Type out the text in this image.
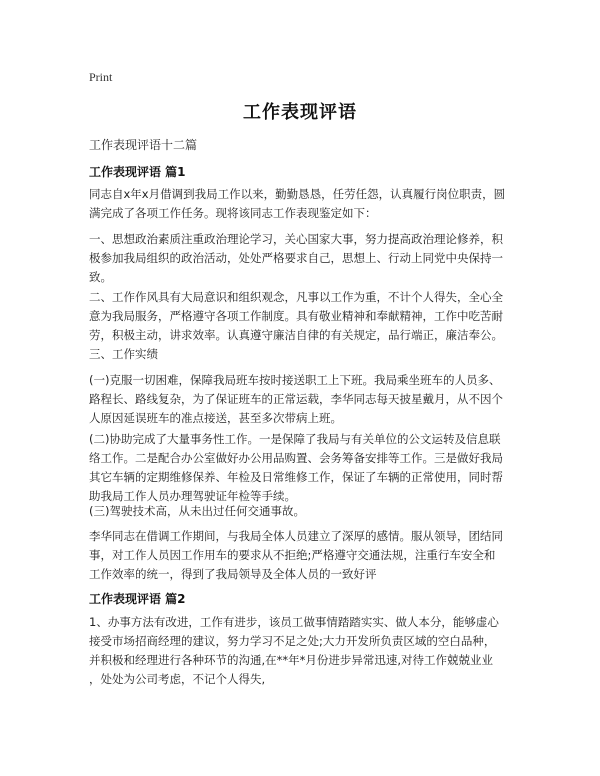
Print
工作表现评语
工作表现评语十二篇
工作表现评语 篇1
同志自x年x月借调到我局工作以来，勤勤恳恳，任劳任怨，认真履行岗位职责，圆
满完成了各项工作任务。现将该同志工作表现鉴定如下：
一、思想政治素质注重政治理论学习，关心国家大事，努力提高政治理论修养，积
极参加我局组织的政治活动，处处严格要求自己，思想上、行动上同党中央保持一
致。
二、工作作风具有大局意识和组织观念，凡事以工作为重，不计个人得失，全心全
意为我局服务，严格遵守各项工作制度。具有敬业精神和奉献精神，工作中吃苦耐
劳，积极主动，讲求效率。认真遵守廉洁自律的有关规定，品行端正，廉洁奉公。
三、工作实绩
(一)克服一切困难，保障我局班车按时接送职工上下班。我局乘坐班车的人员多、
路程长、路线复杂，为了保证班车的正常运载，李华同志每天披星戴月，从不因个
人原因延误班车的准点接送，甚至多次带病上班。
(二)协助完成了大量事务性工作。一是保障了我局与有关单位的公文运转及信息联
络工作。二是配合办公室做好办公用品购置、会务筹备安排等工作。三是做好我局
其它车辆的定期维修保养、年检及日常维修工作，保证了车辆的正常使用，同时帮
助我局工作人员办理驾驶证年检等手续。
(三)驾驶技术高，从未出过任何交通事故。
李华同志在借调工作期间，与我局全体人员建立了深厚的感情。服从领导，团结同
事，对工作人员因工作用车的要求从不拒绝;严格遵守交通法规，注重行车安全和
工作效率的统一，得到了我局领导及全体人员的一致好评
工作表现评语 篇2
1、办事方法有改进，工作有进步，该员工做事情踏踏实实、做人本分，能够虚心
接受市场招商经理的建议，努力学习不足之处;大力开发所负责区域的空白品种，
并积极和经理进行各种环节的沟通,在**年*月份进步异常迅速,对待工作兢兢业业
，处处为公司考虑，不记个人得失,
